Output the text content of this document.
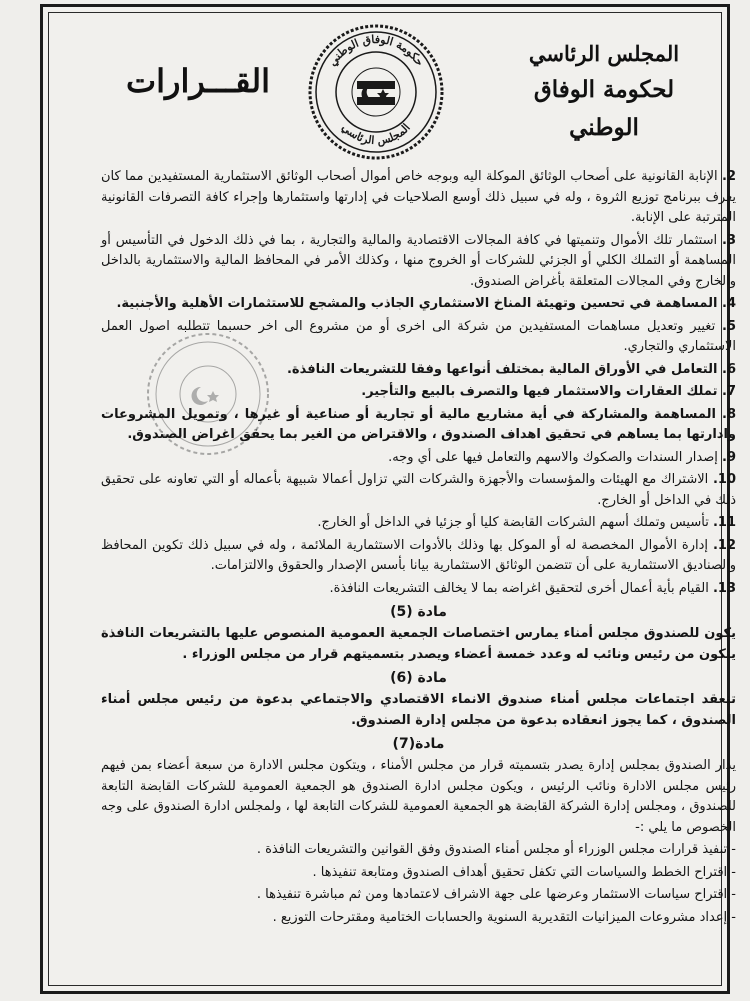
المجلس الرئاسي
لحكومة الوفاق الوطني
حكومة الوفاق الوطني
المجلس الرئاسي
القـــرارات

2. الإنابة القانونية على أصحاب الوثائق الموكلة اليه وبوجه خاص أموال أصحاب الوثائق الاستثمارية المستفيدين مما كان يعرف ببرنامج توزيع الثروة ، وله في سبيل ذلك أوسع الصلاحيات في إدارتها واستثمارها وإجراء كافة التصرفات القانونية المترتبة على الإنابة.

3. استثمار تلك الأموال وتنميتها في كافة المجالات الاقتصادية والمالية والتجارية ، بما في ذلك الدخول في التأسيس أو المساهمة أو التملك الكلي أو الجزئي للشركات أو الخروج منها ، وكذلك الأمر في المحافظ المالية والاستثمارية بالداخل والخارج وفي المجالات المتعلقة بأغراض الصندوق.

4. المساهمة في تحسين وتهيئة المناخ الاستثماري الجاذب والمشجع للاستثمارات الأهلية والأجنبية.

5. تغيير وتعديل مساهمات المستفيدين من شركة الى اخرى أو من مشروع الى اخر حسبما تتطلبه اصول العمل الاستثماري والتجاري.

6. التعامل في الأوراق المالية بمختلف أنواعها وفقا للتشريعات النافذة.

7. تملك العقارات والاستثمار فيها والتصرف بالبيع والتأجير.

8. المساهمة والمشاركة في أية مشاريع مالية أو تجارية أو صناعية أو غيرها ، وتمويل المشروعات وادارتها بما يساهم في تحقيق اهداف الصندوق ، والاقتراض من الغير بما يحقق اغراض الصندوق.

9. إصدار السندات والصكوك والاسهم والتعامل فيها على أي وجه.

10. الاشتراك مع الهيئات والمؤسسات والأجهزة والشركات التي تزاول أعمالا شبيهة بأعماله أو التي تعاونه على تحقيق ذلك في الداخل أو الخارج.

11. تأسيس وتملك أسهم الشركات القابضة كليا أو جزئيا في الداخل أو الخارج.

12. إدارة الأموال المخصصة له أو الموكل بها وذلك بالأدوات الاستثمارية الملائمة ، وله في سبيل ذلك تكوين المحافظ والصناديق الاستثمارية على أن تتضمن الوثائق الاستثمارية بيانا بأسس الإصدار والحقوق والالتزامات.

13. القيام بأية أعمال أخرى لتحقيق اغراضه بما لا يخالف التشريعات النافذة.

مادة (5)

يكون للصندوق مجلس أمناء يمارس اختصاصات الجمعية العمومية المنصوص عليها بالتشريعات النافذة يتكون من رئيس ونائب له وعدد خمسة أعضاء ويصدر بتسميتهم قرار من مجلس الوزراء .

مادة (6)

تنعقد اجتماعات مجلس أمناء صندوق الانماء الاقتصادي والاجتماعي بدعوة من رئيس مجلس أمناء الصندوق ، كما يجوز انعقاده بدعوة من مجلس إدارة الصندوق.

مادة(7)

يدار الصندوق بمجلس إدارة يصدر بتسميته قرار من مجلس الأمناء ، ويتكون مجلس الادارة من سبعة أعضاء بمن فيهم رئيس مجلس الادارة ونائب الرئيس ، ويكون مجلس ادارة الصندوق هو الجمعية العمومية للشركات القابضة التابعة للصندوق ، ومجلس إدارة الشركة القابضة هو الجمعية العمومية للشركات التابعة لها ، ولمجلس ادارة الصندوق على وجه الخصوص ما يلي :-

- تنفيذ قرارات مجلس الوزراء أو مجلس أمناء الصندوق وفق القوانين والتشريعات النافذة .
- اقتراح الخطط والسياسات التي تكفل تحقيق أهداف الصندوق ومتابعة تنفيذها .
- اقتراح سياسات الاستثمار وعرضها على جهة الاشراف لاعتمادها ومن ثم مباشرة تنفيذها .
- إعداد مشروعات الميزانيات التقديرية السنوية والحسابات الختامية ومقترحات التوزيع .
